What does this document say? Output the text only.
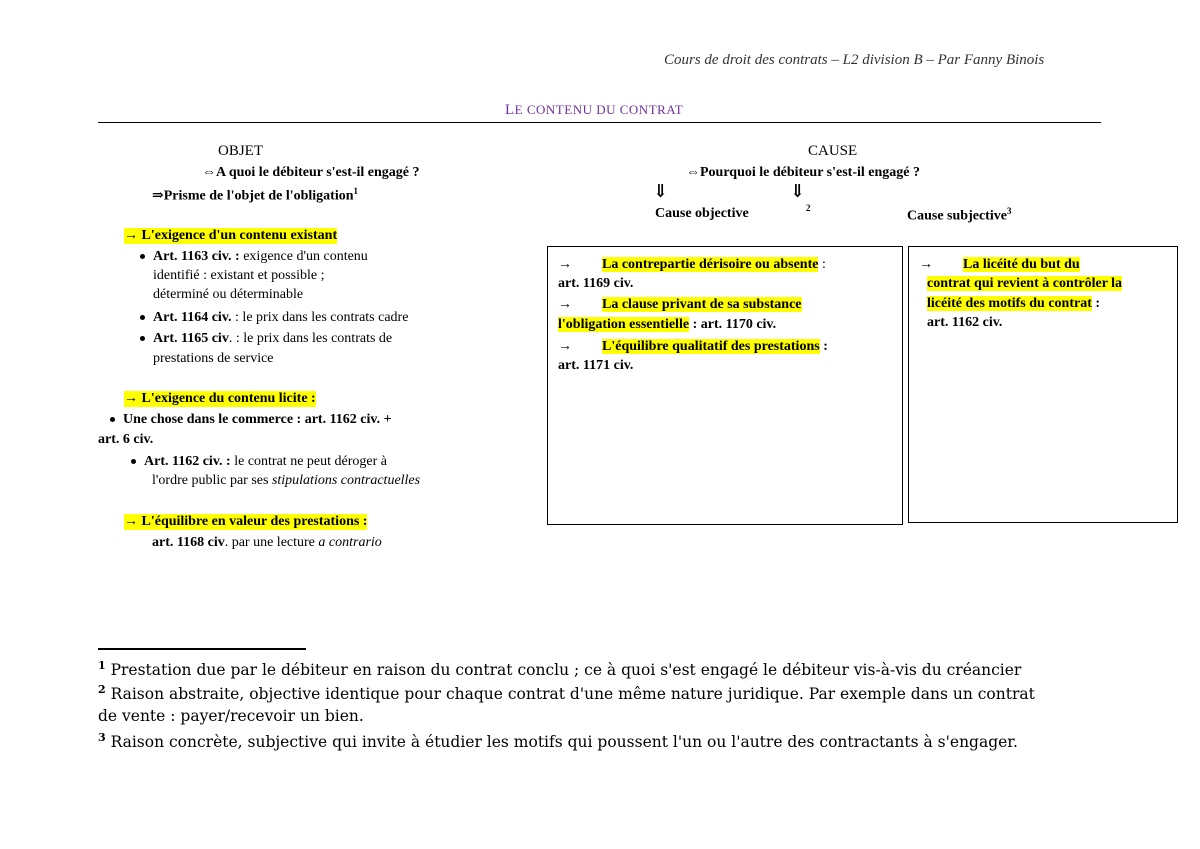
Cours de droit des contrats – L2 division B – Par Fanny Binois
LE CONTENU DU CONTRAT
OBJET
⇔A quoi le débiteur s'est-il engagé ?
⇒Prisme de l'objet de l'obligation$^1$
→ L'exigence d'un contenu existant
Art. 1163 civ. : exigence d'un contenu
identifié : existant et possible ;
déterminé ou déterminable
Art. 1164 civ. : le prix dans les contrats cadre
Art. 1165 civ. : le prix dans les contrats de
prestations de service
→ L'exigence du contenu licite :
Une chose dans le commerce : art. 1162 civ. +
art. 6 civ.
Art. 1162 civ. : le contrat ne peut déroger à
l'ordre public par ses stipulations contractuelles
→ L'équilibre en valeur des prestations :
art. 1168 civ. par une lecture a contrario
CAUSE
⇔Pourquoi le débiteur s'est-il engagé ?
⇓	⇓
Cause objective	2
Cause subjective$^3$
→ La contrepartie dérisoire ou absente :
art. 1169 civ.
→ La clause privant de sa substance
l'obligation essentielle : art. 1170 civ.
→ L'équilibre qualitatif des prestations :
art. 1171 civ.
→ La licéité du but du
contrat qui revient à contrôler la
licéité des motifs du contrat :
art. 1162 civ.
$^1$ Prestation due par le débiteur en raison du contrat conclu ; ce à quoi s'est engagé le débiteur vis-à-vis du créancier
$^2$ Raison abstraite, objective identique pour chaque contrat d'une même nature juridique. Par exemple dans un contrat
de vente : payer/recevoir un bien.
$^3$ Raison concrète, subjective qui invite à étudier les motifs qui poussent l'un ou l'autre des contractants à s'engager.
